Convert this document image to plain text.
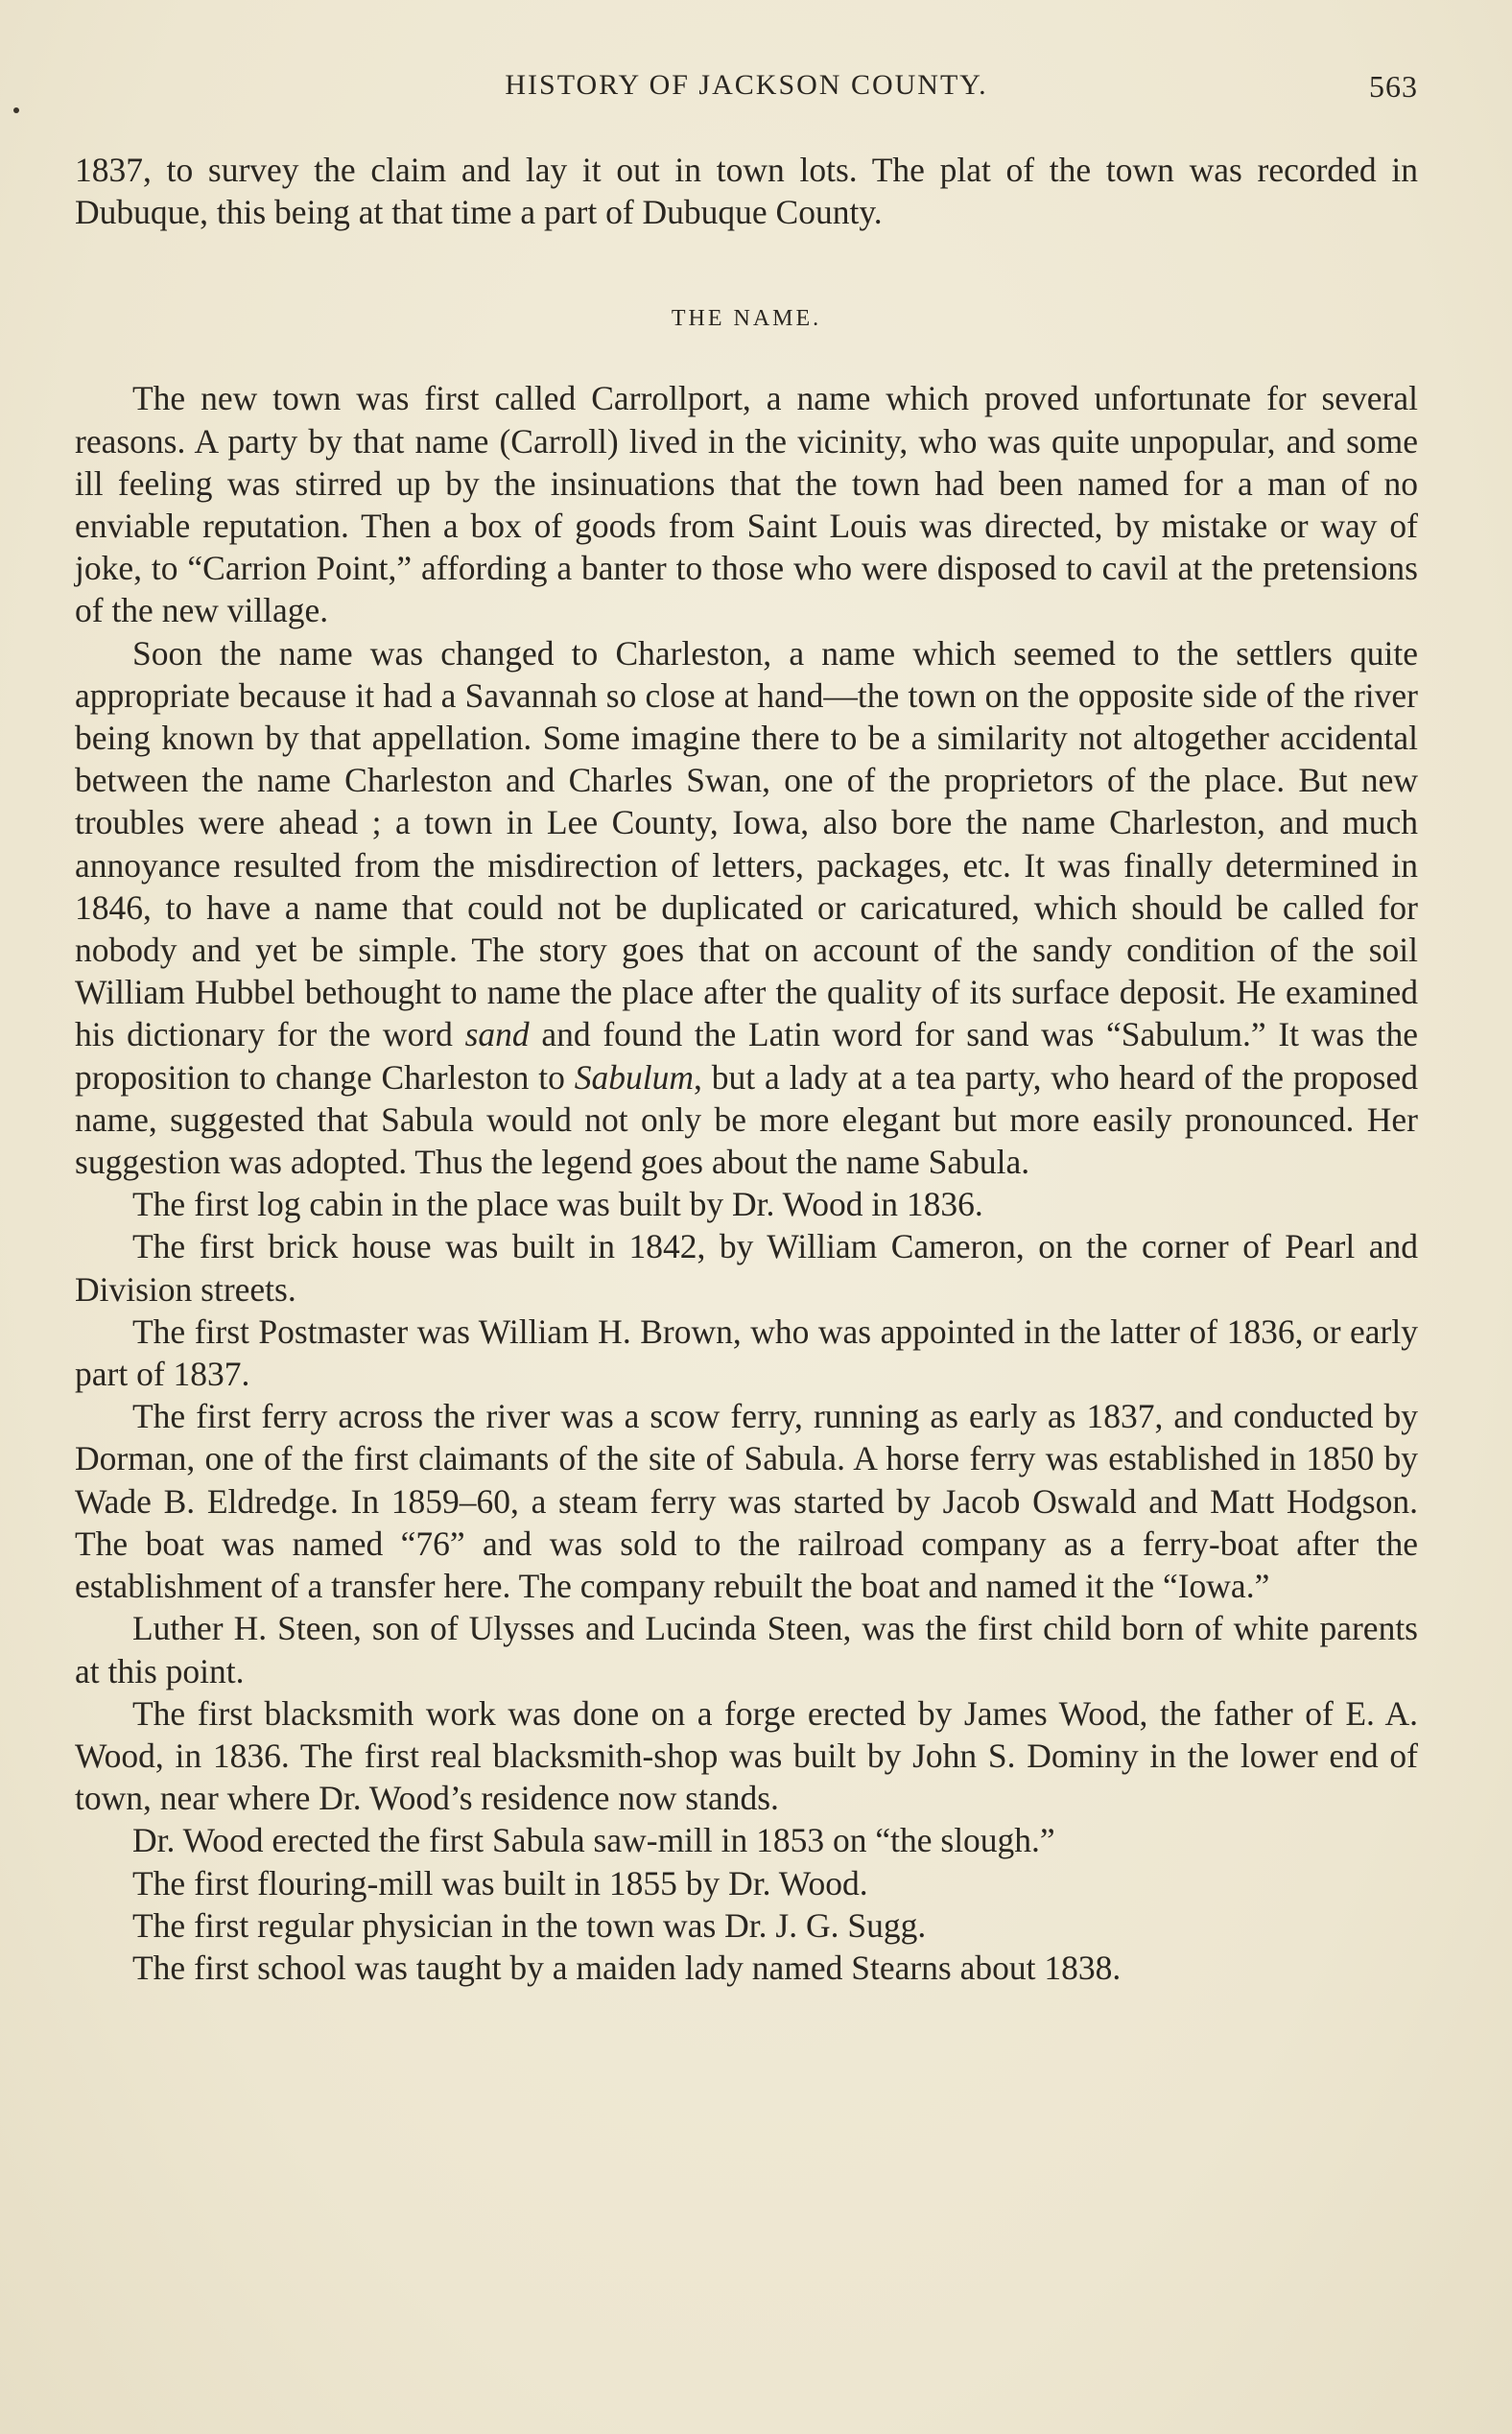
HISTORY OF JACKSON COUNTY.	563

1837, to survey the claim and lay it out in town lots. The plat of the town was recorded in Dubuque, this being at that time a part of Dubuque County.

THE NAME.

The new town was first called Carrollport, a name which proved unfortunate for several reasons. A party by that name (Carroll) lived in the vicinity, who was quite unpopular, and some ill feeling was stirred up by the insinuations that the town had been named for a man of no enviable reputation. Then a box of goods from Saint Louis was directed, by mistake or way of joke, to “Carrion Point,” affording a banter to those who were disposed to cavil at the pretensions of the new village.

Soon the name was changed to Charleston, a name which seemed to the settlers quite appropriate because it had a Savannah so close at hand—the town on the opposite side of the river being known by that appellation. Some imagine there to be a similarity not altogether accidental between the name Charleston and Charles Swan, one of the proprietors of the place. But new troubles were ahead ; a town in Lee County, Iowa, also bore the name Charleston, and much annoyance resulted from the misdirection of letters, packages, etc. It was finally determined in 1846, to have a name that could not be duplicated or caricatured, which should be called for nobody and yet be simple. The story goes that on account of the sandy condition of the soil William Hubbel bethought to name the place after the quality of its surface deposit. He examined his dictionary for the word sand and found the Latin word for sand was “Sabulum.” It was the proposition to change Charleston to Sabulum, but a lady at a tea party, who heard of the proposed name, suggested that Sabula would not only be more elegant but more easily pronounced. Her suggestion was adopted. Thus the legend goes about the name Sabula.

The first log cabin in the place was built by Dr. Wood in 1836.

The first brick house was built in 1842, by William Cameron, on the corner of Pearl and Division streets.

The first Postmaster was William H. Brown, who was appointed in the latter of 1836, or early part of 1837.

The first ferry across the river was a scow ferry, running as early as 1837, and conducted by Dorman, one of the first claimants of the site of Sabula. A horse ferry was established in 1850 by Wade B. Eldredge. In 1859–60, a steam ferry was started by Jacob Oswald and Matt Hodgson. The boat was named “76” and was sold to the railroad company as a ferry-boat after the establishment of a transfer here. The company rebuilt the boat and named it the “Iowa.”

Luther H. Steen, son of Ulysses and Lucinda Steen, was the first child born of white parents at this point.

The first blacksmith work was done on a forge erected by James Wood, the father of E. A. Wood, in 1836. The first real blacksmith-shop was built by John S. Dominy in the lower end of town, near where Dr. Wood’s residence now stands.

Dr. Wood erected the first Sabula saw-mill in 1853 on “the slough.”

The first flouring-mill was built in 1855 by Dr. Wood.

The first regular physician in the town was Dr. J. G. Sugg.

The first school was taught by a maiden lady named Stearns about 1838.
